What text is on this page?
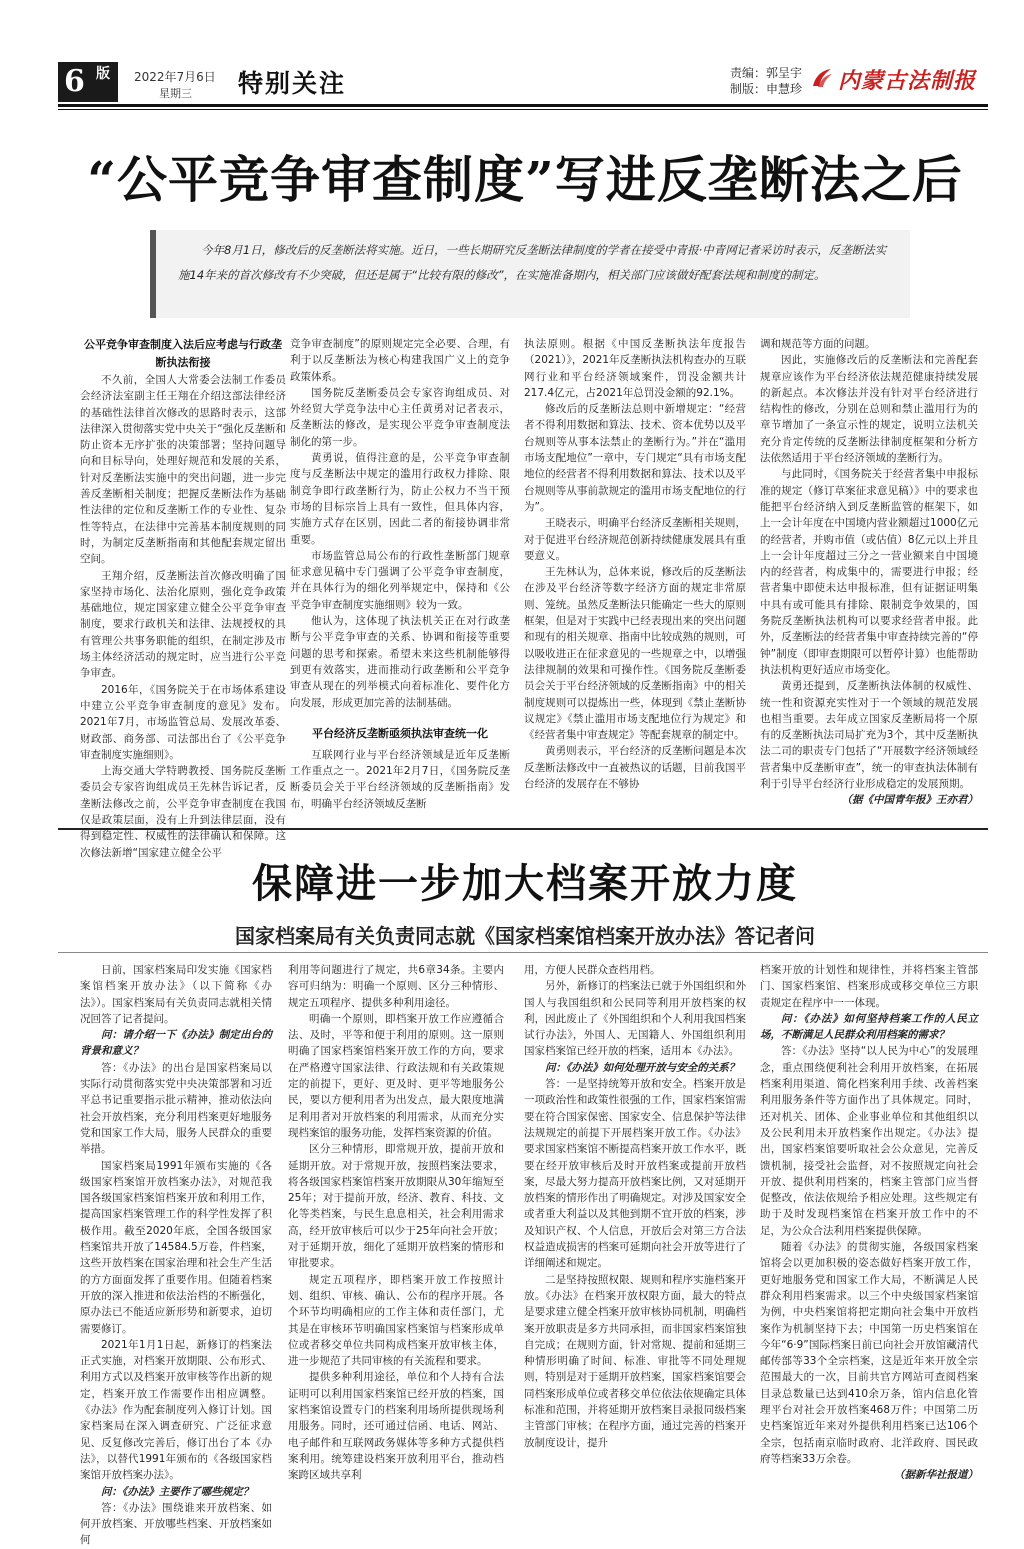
6 版 2022年7月6日
星期三 特别关注	责编：郭呈宇
制版：申慧珍 内蒙古法制报
“公平竞争审查制度”写进反垄断法之后

今年8月1日，修改后的反垄断法将实施。近日，一些长期研究反垄断法律制度的学者在接受中青报·中青网记者采访时表示，反垄断法实施14年来的首次修改有不少突破，但还是属于“比较有限的修改”，在实施准备期内，相关部门应该做好配套法规和制度的制定。

公平竞争审查制度入法后应考虑与行政垄断执法衔接

不久前，全国人大常委会法制工作委员会经济法室副主任王翔在介绍这部法律经济的基础性法律首次修改的思路时表示，这部法律深入贯彻落实党中央关于“强化反垄断和防止资本无序扩张的决策部署；坚持问题导向和目标导向，处理好规范和发展的关系，针对反垄断法实施中的突出问题，进一步完善反垄断相关制度；把握反垄断法作为基础性法律的定位和反垄断工作的专业性、复杂性等特点，在法律中完善基本制度规则的同时，为制定反垄断指南和其他配套规定留出空间。

王翔介绍，反垄断法首次修改明确了国家坚持市场化、法治化原则，强化竞争政策基础地位，规定国家建立健全公平竞争审查制度，要求行政机关和法律、法规授权的具有管理公共事务职能的组织，在制定涉及市场主体经济活动的规定时，应当进行公平竞争审查。

2016年，《国务院关于在市场体系建设中建立公平竞争审查制度的意见》发布。2021年7月，市场监管总局、发展改革委、财政部、商务部、司法部出台了《公平竞争审查制度实施细则》。

上海交通大学特聘教授、国务院反垄断委员会专家咨询组成员王先林告诉记者，反垄断法修改之前，公平竞争审查制度在我国仅是政策层面，没有上升到法律层面，没有得到稳定性、权威性的法律确认和保障。这次修法新增“国家建立健全公平

竞争审查制度”的原则规定完全必要、合理，有利于以反垄断法为核心构建我国广义上的竞争政策体系。

国务院反垄断委员会专家咨询组成员、对外经贸大学竞争法中心主任黄勇对记者表示，反垄断法的修改，是实现公平竞争审查制度法制化的第一步。

黄勇说，值得注意的是，公平竞争审查制度与反垄断法中规定的滥用行政权力排除、限制竞争即行政垄断行为，防止公权力不当干预市场的目标宗旨上具有一致性，但具体内容，实施方式存在区别，因此二者的衔接协调非常重要。

市场监管总局公布的行政性垄断部门规章征求意见稿中专门强调了公平竞争审查制度，并在具体行为的细化列举规定中，保持和《公平竞争审查制度实施细则》较为一致。

他认为，这体现了执法机关正在对行政垄断与公平竞争审查的关系、协调和衔接等重要问题的思考和探索。希望未来这些机制能够得到更有效落实，进而推动行政垄断和公平竞争审查从现在的列举模式向着标准化、要件化方向发展，形成更加完善的法制基础。

平台经济反垄断亟须执法审查统一化

互联网行业与平台经济领域是近年反垄断工作重点之一。2021年2月7日，《国务院反垄断委员会关于平台经济领域的反垄断指南》发布，明确平台经济领域反垄断

执法原则。根据《中国反垄断执法年度报告（2021）》，2021年反垄断执法机构查办的互联网行业和平台经济领域案件，罚没金额共计217.4亿元，占2021年总罚没金额的92.1%。

修改后的反垄断法总则中新增规定：“经营者不得利用数据和算法、技术、资本优势以及平台规则等从事本法禁止的垄断行为。”并在“滥用市场支配地位”一章中，专门规定“具有市场支配地位的经营者不得利用数据和算法、技术以及平台规则等从事前款规定的滥用市场支配地位的行为”。

王晓表示，明确平台经济反垄断相关规则，对于促进平台经济规范创新持续健康发展具有重要意义。

王先林认为，总体来说，修改后的反垄断法在涉及平台经济等数字经济方面的规定非常原则、笼统。虽然反垄断法只能确定一些大的原则框架，但是对于实践中已经表现出来的突出问题和现有的相关规章、指南中比较成熟的规则，可以吸收进正在征求意见的一些规章之中，以增强法律规制的效果和可操作性。《国务院反垄断委员会关于平台经济领域的反垄断指南》中的相关制度规则可以提炼出一些，体现到《禁止垄断协议规定》《禁止滥用市场支配地位行为规定》和《经营者集中审查规定》等配套规章的制定中。

黄勇则表示，平台经济的反垄断问题是本次反垄断法修改中一直被热议的话题，目前我国平台经济的发展存在不够协

调和规范等方面的问题。

因此，实施修改后的反垄断法和完善配套规章应该作为平台经济依法规范健康持续发展的新起点。本次修法并没有针对平台经济进行结构性的修改，分别在总则和禁止滥用行为的章节增加了一条宣示性的规定，说明立法机关充分肯定传统的反垄断法律制度框架和分析方法依然适用于平台经济领域的垄断行为。

与此同时，《国务院关于经营者集中申报标准的规定（修订草案征求意见稿）》中的要求也能把平台经济纳入到反垄断监管的框架下，如上一会计年度在中国境内营业额超过1000亿元的经营者，并购市值（或估值）8亿元以上并且上一会计年度超过三分之一营业额来自中国境内的经营者，构成集中的，需要进行申报；经营者集中即使未达申报标准，但有证据证明集中具有或可能具有排除、限制竞争效果的，国务院反垄断执法机构可以要求经营者申报。此外，反垄断法的经营者集中审查持续完善的“停钟”制度（即审查期限可以暂停计算）也能帮助执法机构更好适应市场变化。

黄勇还提到，反垄断执法体制的权威性、统一性和资源充实性对于一个领域的规范发展也相当重要。去年成立国家反垄断局将一个原有的反垄断执法司局扩充为3个，其中反垄断执法二司的职责专门包括了“开展数字经济领域经营者集中反垄断审查”，统一的审查执法体制有利于引导平台经济行业形成稳定的发展预期。

（据《中国青年报》王亦君）

保障进一步加大档案开放力度
国家档案局有关负责同志就《国家档案馆档案开放办法》答记者问

日前，国家档案局印发实施《国家档案馆档案开放办法》（以下简称《办法》）。国家档案局有关负责同志就相关情况回答了记者提问。

问：请介绍一下《办法》制定出台的背景和意义？

答：《办法》的出台是国家档案局以实际行动贯彻落实党中央决策部署和习近平总书记重要指示批示精神，推动依法向社会开放档案，充分利用档案更好地服务党和国家工作大局，服务人民群众的重要举措。

国家档案局1991年颁布实施的《各级国家档案馆开放档案办法》，对规范我国各级国家档案馆档案开放和利用工作，提高国家档案管理工作的科学性发挥了积极作用。截至2020年底，全国各级国家档案馆共开放了14584.5万卷，件档案，这些开放档案在国家治理和社会生产生活的方方面面发挥了重要作用。但随着档案开放的深入推进和依法治档的不断强化，原办法已不能适应新形势和新要求，迫切需要修订。

2021年1月1日起，新修订的档案法正式实施，对档案开放期限、公布形式、利用方式以及档案开放审核等作出新的规定，档案开放工作需要作出相应调整。《办法》作为配套制度列入修订计划。国家档案局在深入调查研究、广泛征求意见、反复修改完善后，修订出台了本《办法》，以替代1991年颁布的《各级国家档案馆开放档案办法》。

问：《办法》主要作了哪些规定？

答：《办法》围绕谁来开放档案、如何开放档案、开放哪些档案、开放档案如何

利用等问题进行了规定，共6章34条。主要内容可归纳为：明确一个原则、区分三种情形、规定五项程序、提供多种利用途径。

明确一个原则，即档案开放工作应遵循合法、及时，平等和便于利用的原则。这一原则明确了国家档案馆档案开放工作的方向，要求在严格遵守国家法律、行政法规和有关政策规定的前提下，更好、更及时、更平等地服务公民，要以方便利用者为出发点，最大限度地满足利用者对开放档案的利用需求，从而充分实现档案馆的服务功能，发挥档案资源的价值。

区分三种情形，即常规开放，提前开放和延期开放。对于常规开放，按照档案法要求，将各级国家档案馆档案开放期限从30年缩短至25年；对于提前开放，经济、教育、科技、文化等类档案，与民生息息相关，社会利用需求高，经开放审核后可以少于25年向社会开放；对于延期开放，细化了延期开放档案的情形和审批要求。

规定五项程序，即档案开放工作按照计划、组织、审核、确认、公布的程序开展。各个环节均明确相应的工作主体和责任部门，尤其是在审核环节明确国家档案馆与档案形成单位或者移交单位共同构成档案开放审核主体，进一步规范了共同审核的有关流程和要求。

提供多种利用途径，单位和个人持有合法证明可以利用国家档案馆已经开放的档案，国家档案馆设置专门的档案利用场所提供现场利用服务。同时，还可通过信函、电话、网站、电子邮件和互联网政务媒体等多种方式提供档案利用。统筹建设档案开放利用平台，推动档案跨区域共享利

用，方便人民群众查档用档。

另外，新修订的档案法已就于外国组织和外国人与我国组织和公民同等利用开放档案的权利，因此废止了《外国组织和个人利用我国档案试行办法》，外国人、无国籍人、外国组织利用国家档案馆已经开放的档案，适用本《办法》。

问：《办法》如何处理开放与安全的关系？

答：一是坚持统筹开放和安全。档案开放是一项政治性和政策性很强的工作，国家档案馆需要在符合国家保密、国家安全、信息保护等法律法规规定的前提下开展档案开放工作。《办法》要求国家档案馆不断提高档案开放工作水平，既要在经开放审核后及时开放档案或提前开放档案，尽最大努力提高开放档案比例，又对延期开放档案的情形作出了明确规定。对涉及国家安全或者重大利益以及其他到期不宜开放的档案，涉及知识产权、个人信息，开放后会对第三方合法权益造成损害的档案可延期向社会开放等进行了详细阐述和规定。

二是坚持按照权限、规则和程序实施档案开放。《办法》在档案开放权限方面，最大的特点是要求建立健全档案开放审核协同机制，明确档案开放职责是多方共同承担，而非国家档案馆独自完成；在规则方面，针对常规、提前和延期三种情形明确了时间、标准、审批等不同处理规则，特别是对于延期开放档案，国家档案馆要会同档案形成单位或者移交单位依法依规确定具体标准和范围，并将延期开放档案目录报同级档案主管部门审核；在程序方面，通过完善的档案开放制度设计，提升

档案开放的计划性和规律性，并将档案主管部门、国家档案馆、档案形成或移交单位三方职责规定在程序中一一体现。

问：《办法》如何坚持档案工作的人民立场，不断满足人民群众利用档案的需求？

答：《办法》坚持“以人民为中心”的发展理念，重点围绕便利社会利用开放档案，在拓展档案利用渠道、简化档案利用手续、改善档案利用服务条件等方面作出了具体规定。同时，还对机关、团体、企业事业单位和其他组织以及公民利用未开放档案作出规定。《办法》提出，国家档案馆要听取社会公众意见，完善反馈机制，接受社会监督，对不按照规定向社会开放、提供利用档案的，档案主管部门应当督促整改，依法依规给予相应处理。这些规定有助于及时发现档案馆在档案开放工作中的不足，为公众合法利用档案提供保障。

随着《办法》的贯彻实施，各级国家档案馆将会以更加积极的姿态做好档案开放工作，更好地服务党和国家工作大局，不断满足人民群众利用档案需求。以三个中央级国家档案馆为例，中央档案馆将把定期向社会集中开放档案作为机制坚持下去；中国第一历史档案馆在今年“6·9”国际档案日前已向社会开放馆藏清代邮传部等33个全宗档案，这是近年来开放全宗范围最大的一次，目前共官方网站可查阅档案目录总数量已达到410余万条，馆内信息化管理平台对社会开放档案468万件；中国第二历史档案馆近年来对外提供利用档案已达106个全宗，包括南京临时政府、北洋政府、国民政府等档案33万余卷。

（据新华社报道）
